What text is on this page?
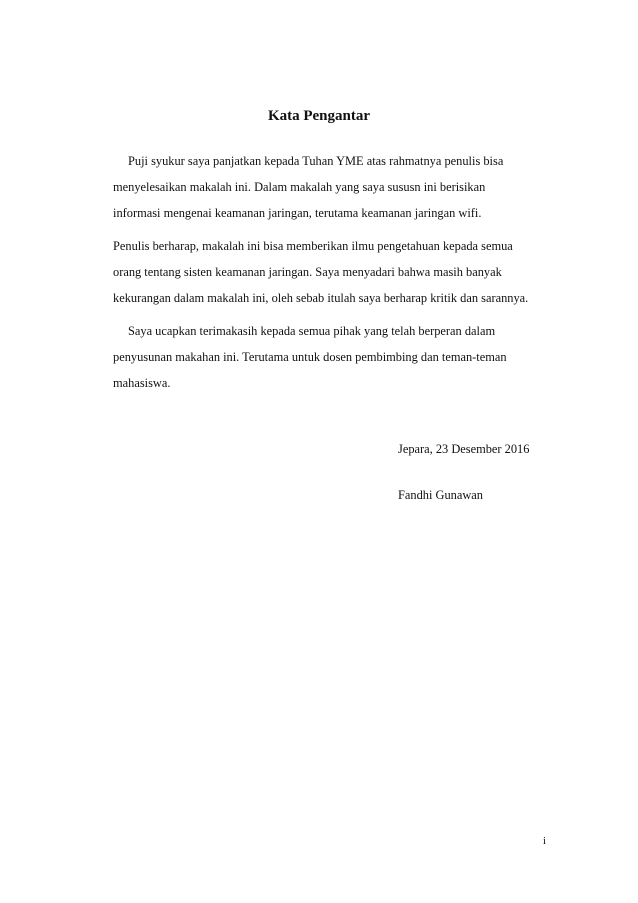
Kata Pengantar

Puji syukur saya panjatkan kepada Tuhan YME atas rahmatnya penulis bisa
menyelesaikan makalah ini. Dalam makalah yang saya sususn ini berisikan
informasi mengenai keamanan jaringan, terutama keamanan jaringan wifi.

Penulis berharap, makalah ini bisa memberikan ilmu pengetahuan kepada semua
orang tentang sisten keamanan jaringan. Saya menyadari bahwa masih banyak
kekurangan dalam makalah ini, oleh sebab itulah saya berharap kritik dan sarannya.

Saya ucapkan terimakasih kepada semua pihak yang telah berperan dalam
penyusunan makahan ini. Terutama untuk dosen pembimbing dan teman-teman
mahasiswa.

Jepara, 23 Desember 2016
Fandhi Gunawan
i
